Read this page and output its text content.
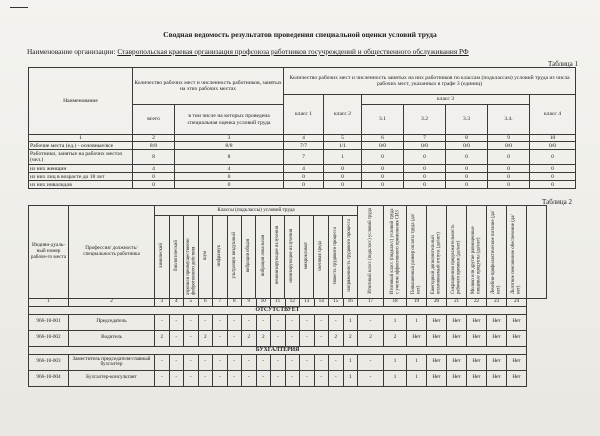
Сводная ведомость результатов проведения специальной оценки условий труда
Наименование организации: Ставропольская краевая организация профсоюза работников госучреждений и общественного обслуживания РФ
Таблица 1
Наименование	Количество рабочих мест и численность работников, занятых на этих рабочих местах		Количество рабочих мест и численность занятых на них работников по классам (подклассам) условий труда из числа рабочих мест, указанных в графе 3 (единиц)						
			класс 1	класс 2	класс 3				класс 4
	всего	в том числе на которых проведена специальная оценка условий труда			3.1	3.2	3.3	3.4.	
1	2	3	4	5	6	7	8	9	10
Рабочие места (ед.) - основные/все	8/8	8/8	7/7	1/1	0/0	0/0	0/0	0/0	0/0
Работники, занятые на рабочих местах (чел.)	8	8	7	1	0	0	0	0	0
из них женщин	4	4	4	0	0	0	0	0	0
из них лиц в возрасте до 18 лет	0	0	0	0	0	0	0	0	0
из них инвалидов	0	0	0	0	0	0	0	0	0
Таблица 2
Индиви-дуаль-ный номер рабоче-го места	Профессия/ должность/ специальность работника	
Классы (подклассы) условий труда
химический	биологический	аэрозоли преимущественно фиброгенного действия	шум	инфразвук	ультразвук воздушный	вибрация общая	вибрация локальная	неионизирующие излучения	ионизирующие излучения	микроклимат	световая среда	тяжесть трудового процесса	напряженность трудового процесса
		Итоговый класс (подкласс) условий труда	Итоговый класс (подкласс) условий труда с учетом эффективного применения СИЗ	Повышенный размер оплаты труда (да/нет)	Ежегодный дополнительный оплачиваемый отпуск (да/нет)	Сокращенная продолжительность рабочего времени (да/нет)	Молоко или другие равноценные пищевые продукты (да/нет)	Лечебно-профилактическое питание (да/нет)	Льготное пенсионное обеспечение (да/нет)	
1	2	3	4	5	6	7	8	9	10	11	12	13	14	15	16	17	18	19	20	21	22	23	24
ОТСУТСТВУЕТ
966-18-001	Председатель	-	-	-	-	-	-	-	-	-	-	-	-	-	1	-	1	1	Нет	Нет	Нет	Нет	Нет
966-18-002	Водитель	2	-	-	2	-	-	2	2	-	-	-	-	2	2	2	2	Нет	Нет	Нет	Нет	Нет	Нет
БУХГАЛТЕРИЯ
966-18-003	Заместитель председателя-главный бухгалтер	-	-	-	-	-	-	-	-	-	-	-	-	-	1	-	1	1	Нет	Нет	Нет	Нет	Нет
966-18-004	Бухгалтер-консультант	-	-	-	-	-	-	-	-	-	-	-	-	-	1	-	1	1	Нет	Нет	Нет	Нет	Нет
